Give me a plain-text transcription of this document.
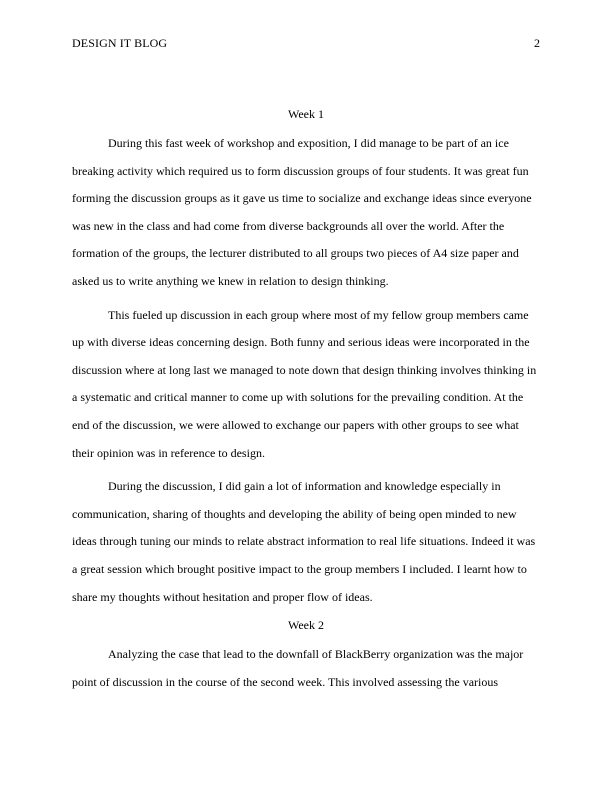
DESIGN IT BLOG	2
Week 1

During this fast week of workshop and exposition, I did manage to be part of an ice breaking activity which required us to form discussion groups of four students. It was great fun forming the discussion groups as it gave us time to socialize and exchange ideas since everyone was new in the class and had come from diverse backgrounds all over the world. After the formation of the groups, the lecturer distributed to all groups two pieces of A4 size paper and asked us to write anything we knew in relation to design thinking.

This fueled up discussion in each group where most of my fellow group members came up with diverse ideas concerning design. Both funny and serious ideas were incorporated in the discussion where at long last we managed to note down that design thinking involves thinking in a systematic and critical manner to come up with solutions for the prevailing condition. At the end of the discussion, we were allowed to exchange our papers with other groups to see what their opinion was in reference to design.

During the discussion, I did gain a lot of information and knowledge especially in communication, sharing of thoughts and developing the ability of being open minded to new ideas through tuning our minds to relate abstract information to real life situations. Indeed it was a great session which brought positive impact to the group members I included. I learnt how to share my thoughts without hesitation and proper flow of ideas.

Week 2

Analyzing the case that lead to the downfall of BlackBerry organization was the major point of discussion in the course of the second week. This involved assessing the various
